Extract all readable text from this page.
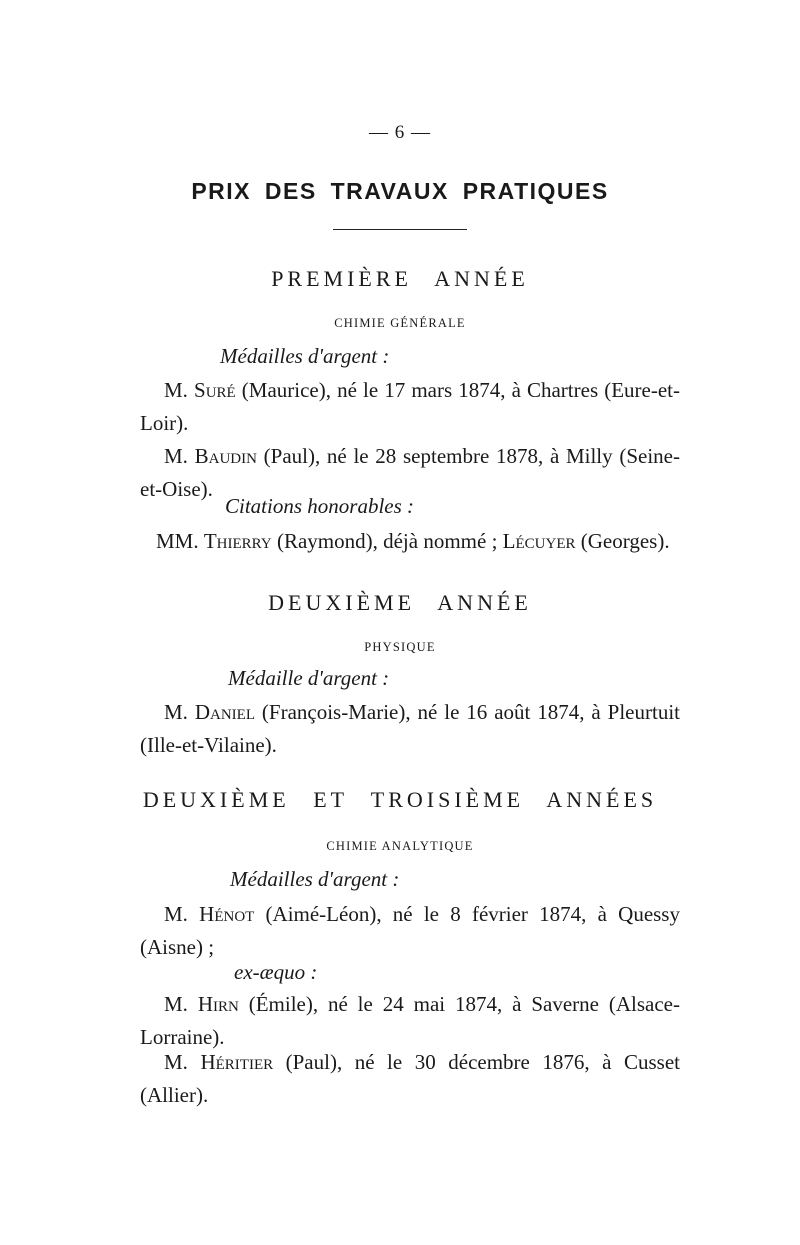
— 6 —
PRIX DES TRAVAUX PRATIQUES
PREMIÈRE ANNÉE
CHIMIE GÉNÉRALE
Médailles d'argent :
M. Suré (Maurice), né le 17 mars 1874, à Chartres (Eure-et-Loir).
M. Baudin (Paul), né le 28 septembre 1878, à Milly (Seine-et-Oise).
Citations honorables :
MM. Thierry (Raymond), déjà nommé ; Lécuyer (Georges).
DEUXIÈME ANNÉE
PHYSIQUE
Médaille d'argent :
M. Daniel (François-Marie), né le 16 août 1874, à Pleurtuit (Ille-et-Vilaine).
DEUXIÈME ET TROISIÈME ANNÉES
CHIMIE ANALYTIQUE
Médailles d'argent :
M. Hénot (Aimé-Léon), né le 8 février 1874, à Quessy (Aisne) ;
ex-æquo :
M. Hirn (Émile), né le 24 mai 1874, à Saverne (Alsace-Lorraine).
M. Héritier (Paul), né le 30 décembre 1876, à Cusset (Allier).
